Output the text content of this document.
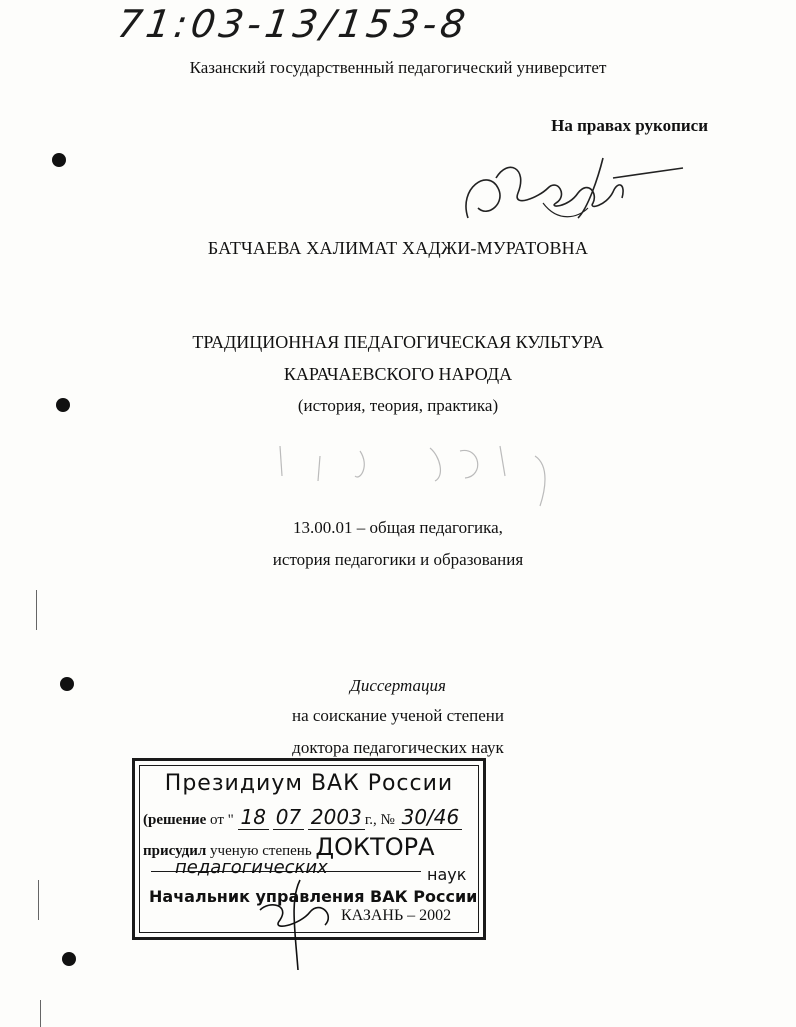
71:03-13/153-8
Казанский государственный педагогический университет
На правах рукописи
БАТЧАЕВА ХАЛИМАТ ХАДЖИ-МУРАТОВНА
ТРАДИЦИОННАЯ ПЕДАГОГИЧЕСКАЯ КУЛЬТУРА
КАРАЧАЕВСКОГО НАРОДА
(история, теория, практика)
13.00.01 – общая педагогика,
история педагогики и образования
Диссертация
на соискание ученой степени
доктора педагогических наук
Президиум ВАК России
(решение от " 18 07 2003 г., № 30/46
присудил ученую степень ДОКТОРА
педагогических	наук
Начальник управления ВАК России
КАЗАНЬ – 2002
